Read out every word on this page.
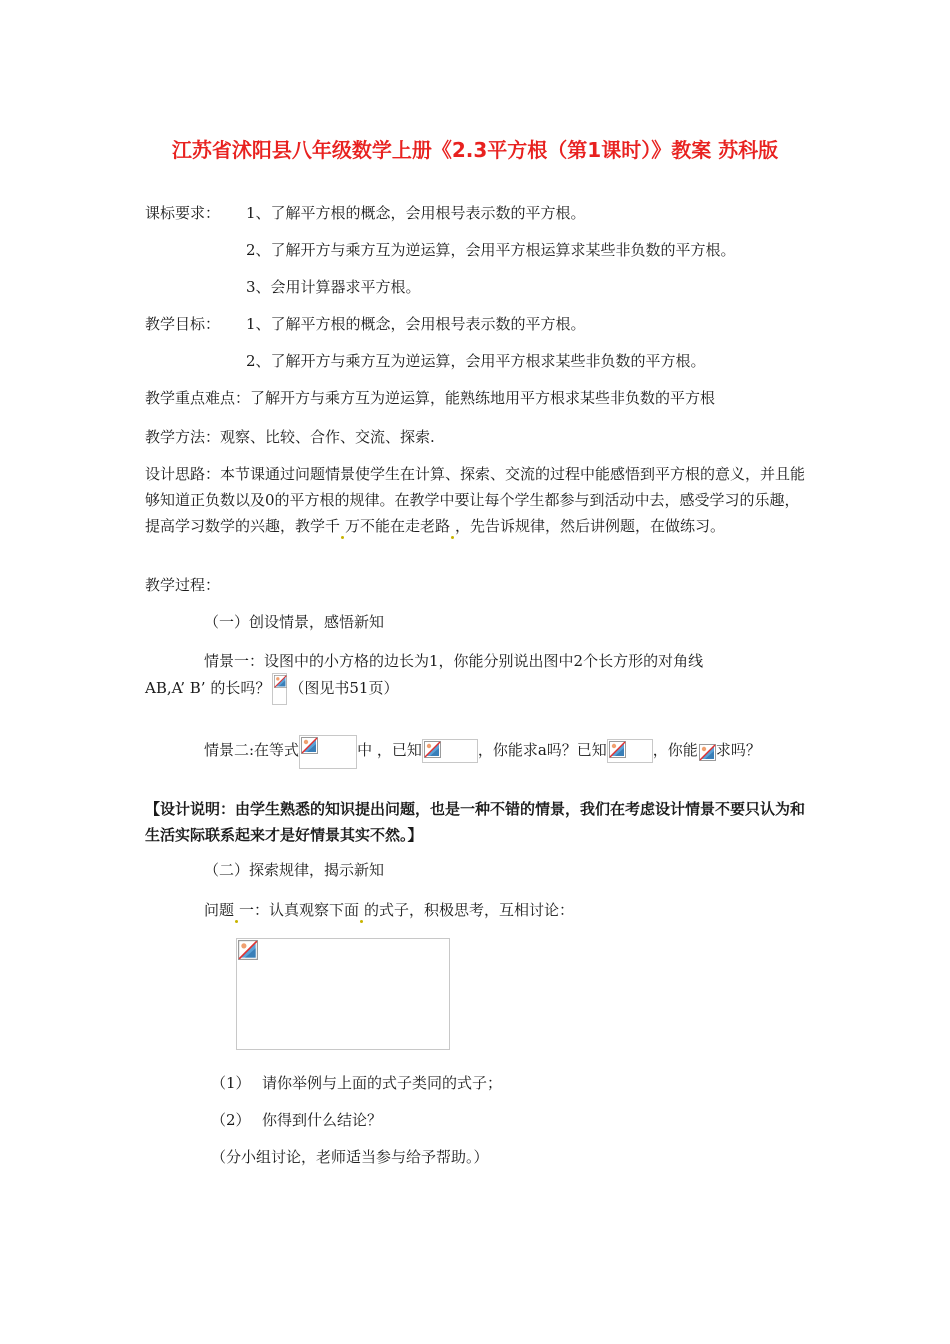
江苏省沭阳县八年级数学上册《2.3平方根（第1课时）》教案 苏科版
课标要求： 1、了解平方根的概念，会用根号表示数的平方根。
2、了解开方与乘方互为逆运算，会用平方根运算求某些非负数的平方根。
3、会用计算器求平方根。
教学目标： 1、了解平方根的概念，会用根号表示数的平方根。
2、了解开方与乘方互为逆运算，会用平方根求某些非负数的平方根。
教学重点难点：了解开方与乘方互为逆运算，能熟练地用平方根求某些非负数的平方根
教学方法：观察、比较、合作、交流、探索.
设计思路：本节课通过问题情景使学生在计算、探索、交流的过程中能感悟到平方根的意义，并且能够知道正负数以及0的平方根的规律。在教学中要让每个学生都参与到活动中去，感受学习的乐趣，提高学习数学的兴趣，教学千 万不能在走老路 ，先告诉规律，然后讲例题，在做练习。
教学过程：
（一）创设情景，感悟新知
情景一：设图中的小方格的边长为1，你能分别说出图中2个长方形的对角线
AB,A’ B’ 的长吗？ （图见书51页）
情景二:在等式	中 ，已知	，你能求a吗？已知	，你能 求吗？
【设计说明：由学生熟悉的知识提出问题，也是一种不错的情景，我们在考虑设计情景不要只认为和生活实际联系起来才是好情景其实不然。】
（二）探索规律，揭示新知
问题 一：认真观察下面 的式子，积极思考，互相讨论：
（1） 请你举例与上面的式子类同的式子；
（2） 你得到什么结论？
（分小组讨论，老师适当参与给予帮助。）
